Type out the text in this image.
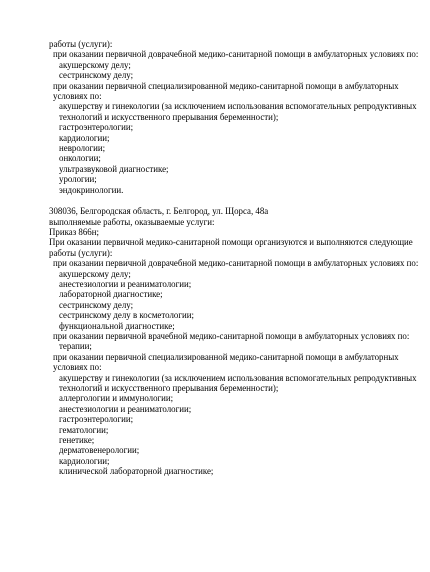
работы (услуги):
при оказании первичной доврачебной медико-санитарной помощи в амбулаторных условиях по:
акушерскому делу;
сестринскому делу;
при оказании первичной специализированной медико-санитарной помощи в амбулаторных условиях по:
акушерству и гинекологии (за исключением использования вспомогательных репродуктивных технологий и искусственного прерывания беременности);
гастроэнтерологии;
кардиологии;
неврологии;
онкологии;
ультразвуковой диагностике;
урологии;
эндокринологии.
308036, Белгородская область, г. Белгород, ул. Щорса, 48а
выполняемые работы, оказываемые услуги:
Приказ 866н;
При оказании первичной медико-санитарной помощи организуются и выполняются следующие работы (услуги):
при оказании первичной доврачебной медико-санитарной помощи в амбулаторных условиях по:
акушерскому делу;
анестезиологии и реаниматологии;
лабораторной диагностике;
сестринскому делу;
сестринскому делу в косметологии;
функциональной диагностике;
при оказании первичной врачебной медико-санитарной помощи в амбулаторных условиях по:
терапии;
при оказании первичной специализированной медико-санитарной помощи в амбулаторных условиях по:
акушерству и гинекологии (за исключением использования вспомогательных репродуктивных технологий и искусственного прерывания беременности);
аллергологии и иммунологии;
анестезиологии и реаниматологии;
гастроэнтерологии;
гематологии;
генетике;
дерматовенерологии;
кардиологии;
клинической лабораторной диагностике;
